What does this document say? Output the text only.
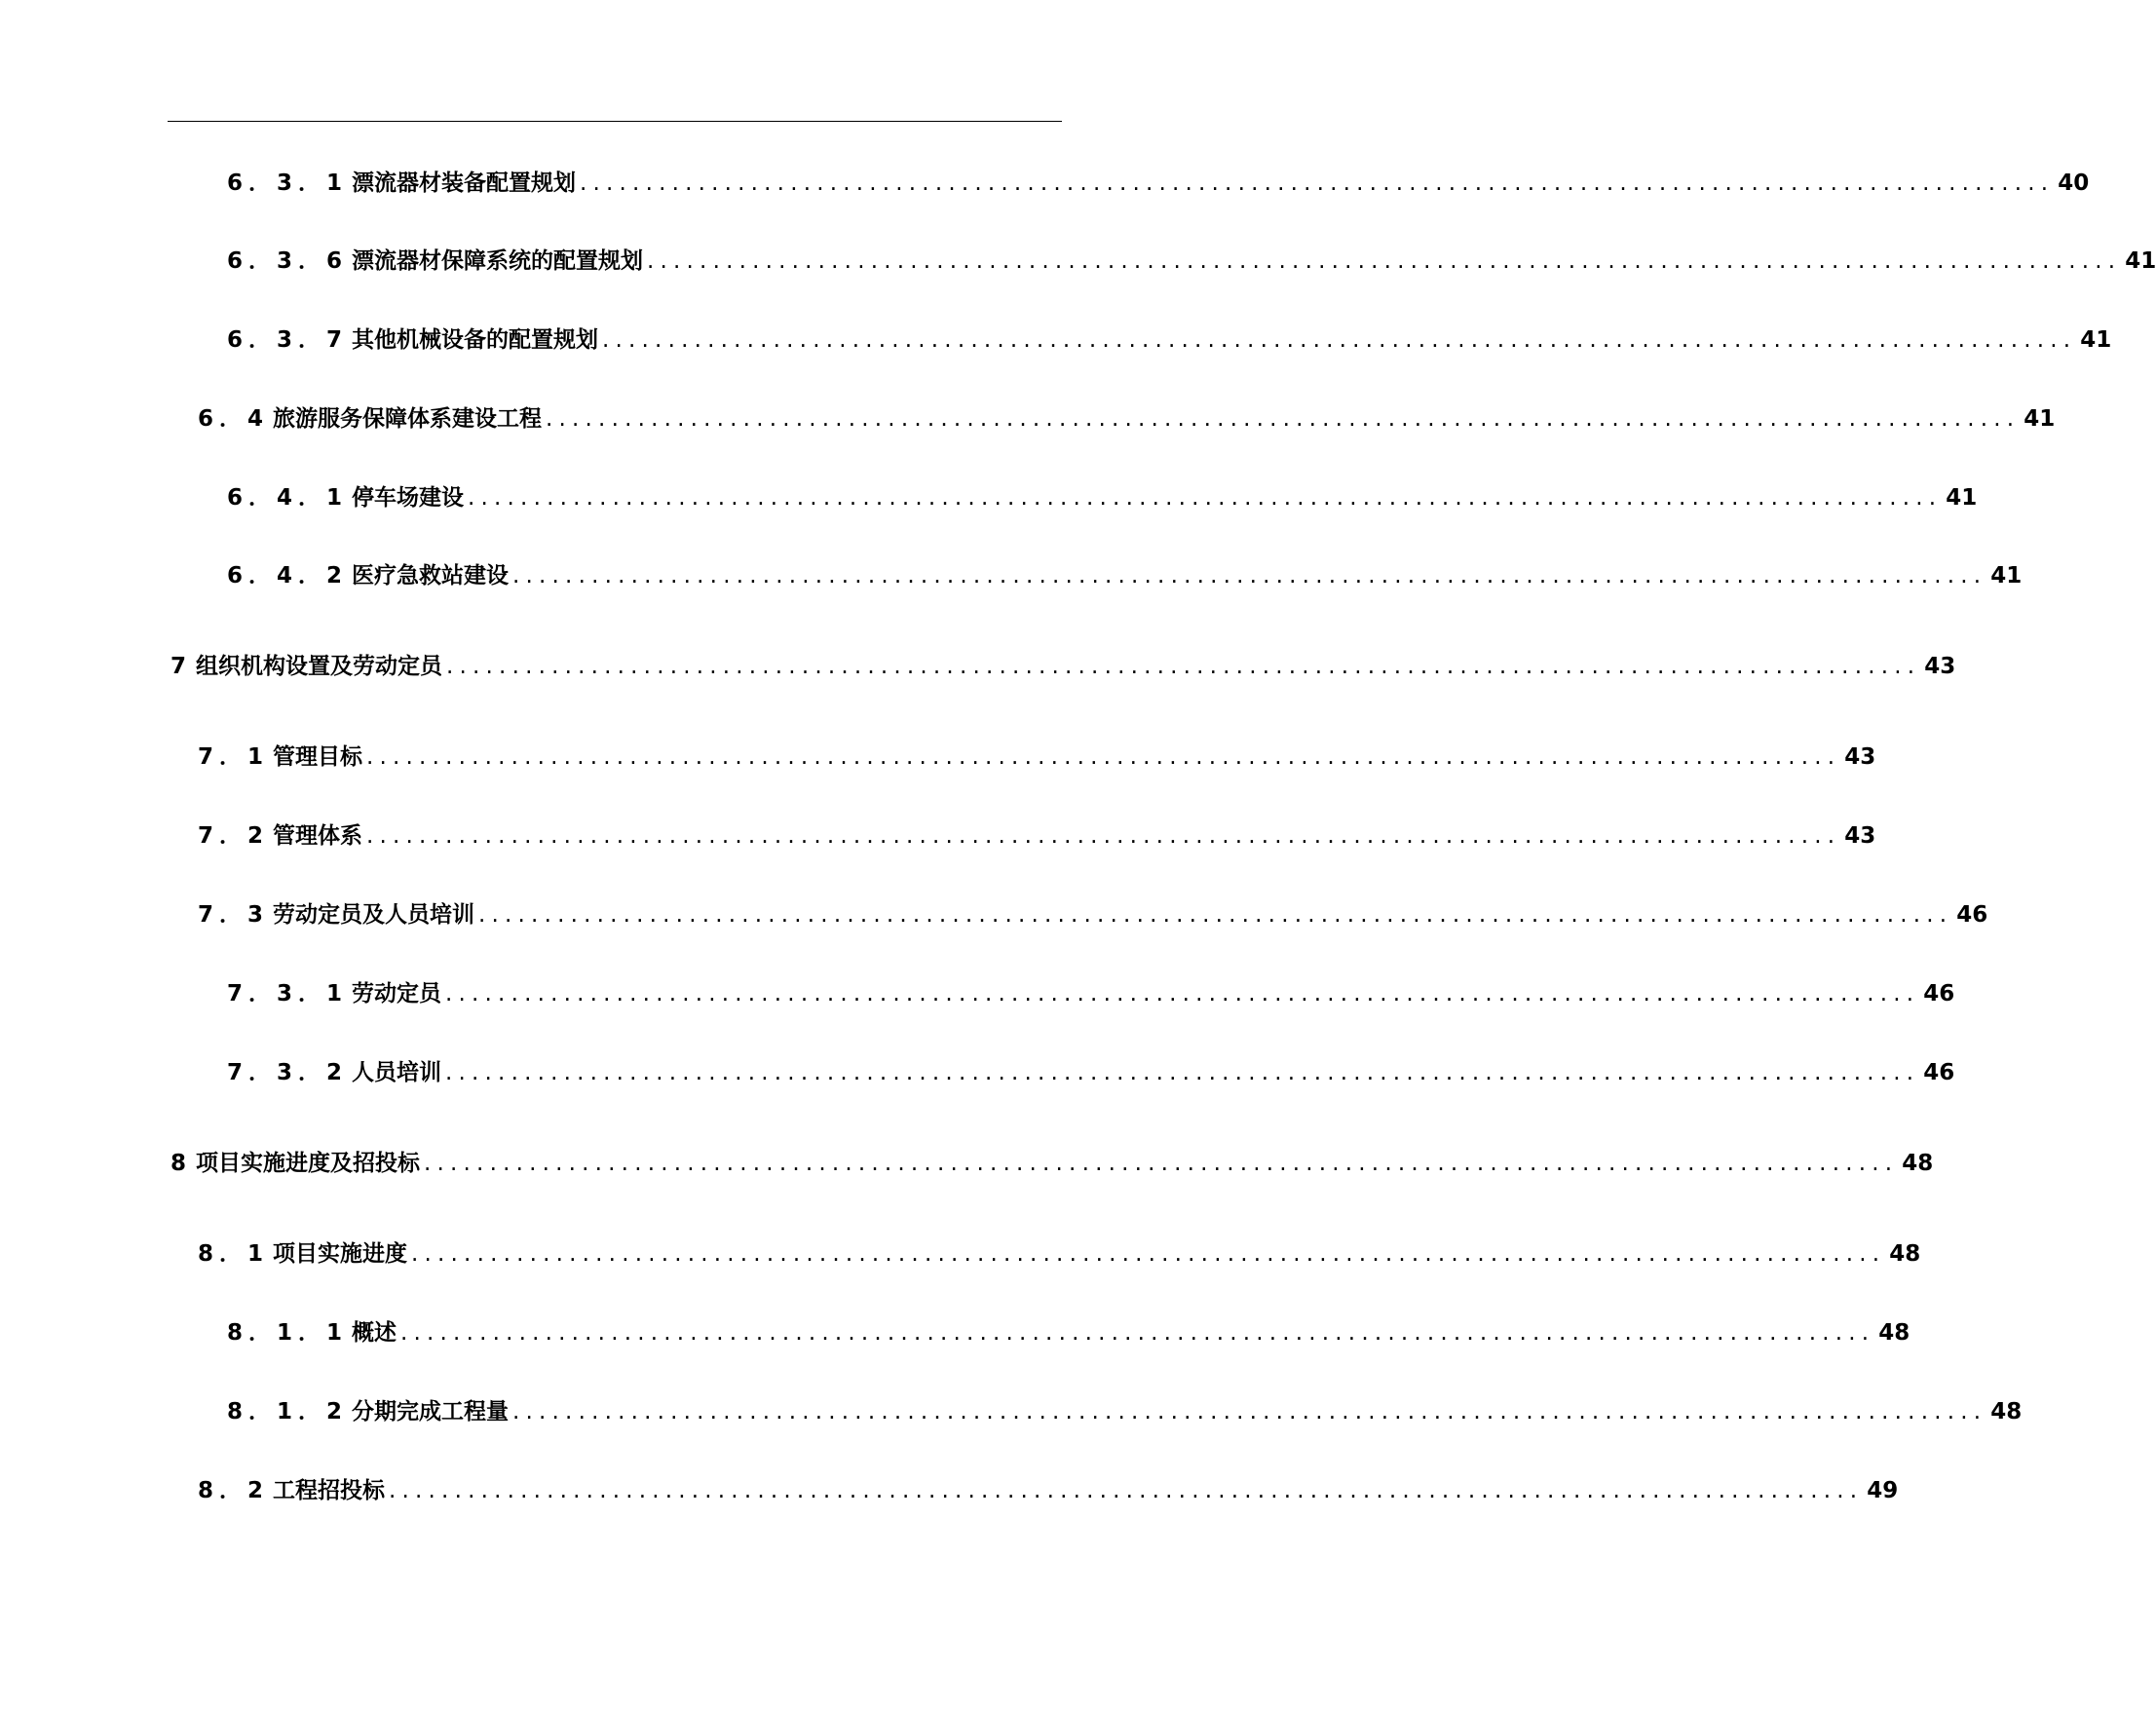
6．3．1 漂流器材装备配置规划 ................................................................................................................ 40
6．3．6 漂流器材保障系统的配置规划 ................................................................................................................ 41
6．3．7 其他机械设备的配置规划 ................................................................................................................ 41
6．4 旅游服务保障体系建设工程 ................................................................................................................ 41
6．4．1 停车场建设 ................................................................................................................ 41
6．4．2 医疗急救站建设 ................................................................................................................ 41
7 组织机构设置及劳动定员 ................................................................................................................ 43
7．1 管理目标 ................................................................................................................ 43
7．2 管理体系 ................................................................................................................ 43
7．3 劳动定员及人员培训 ................................................................................................................ 46
7．3．1 劳动定员 ................................................................................................................ 46
7．3．2 人员培训 ................................................................................................................ 46
8 项目实施进度及招投标 ................................................................................................................ 48
8．1 项目实施进度 ................................................................................................................ 48
8．1．1 概述 ................................................................................................................ 48
8．1．2 分期完成工程量 ................................................................................................................ 48
8．2 工程招投标 ................................................................................................................ 49
